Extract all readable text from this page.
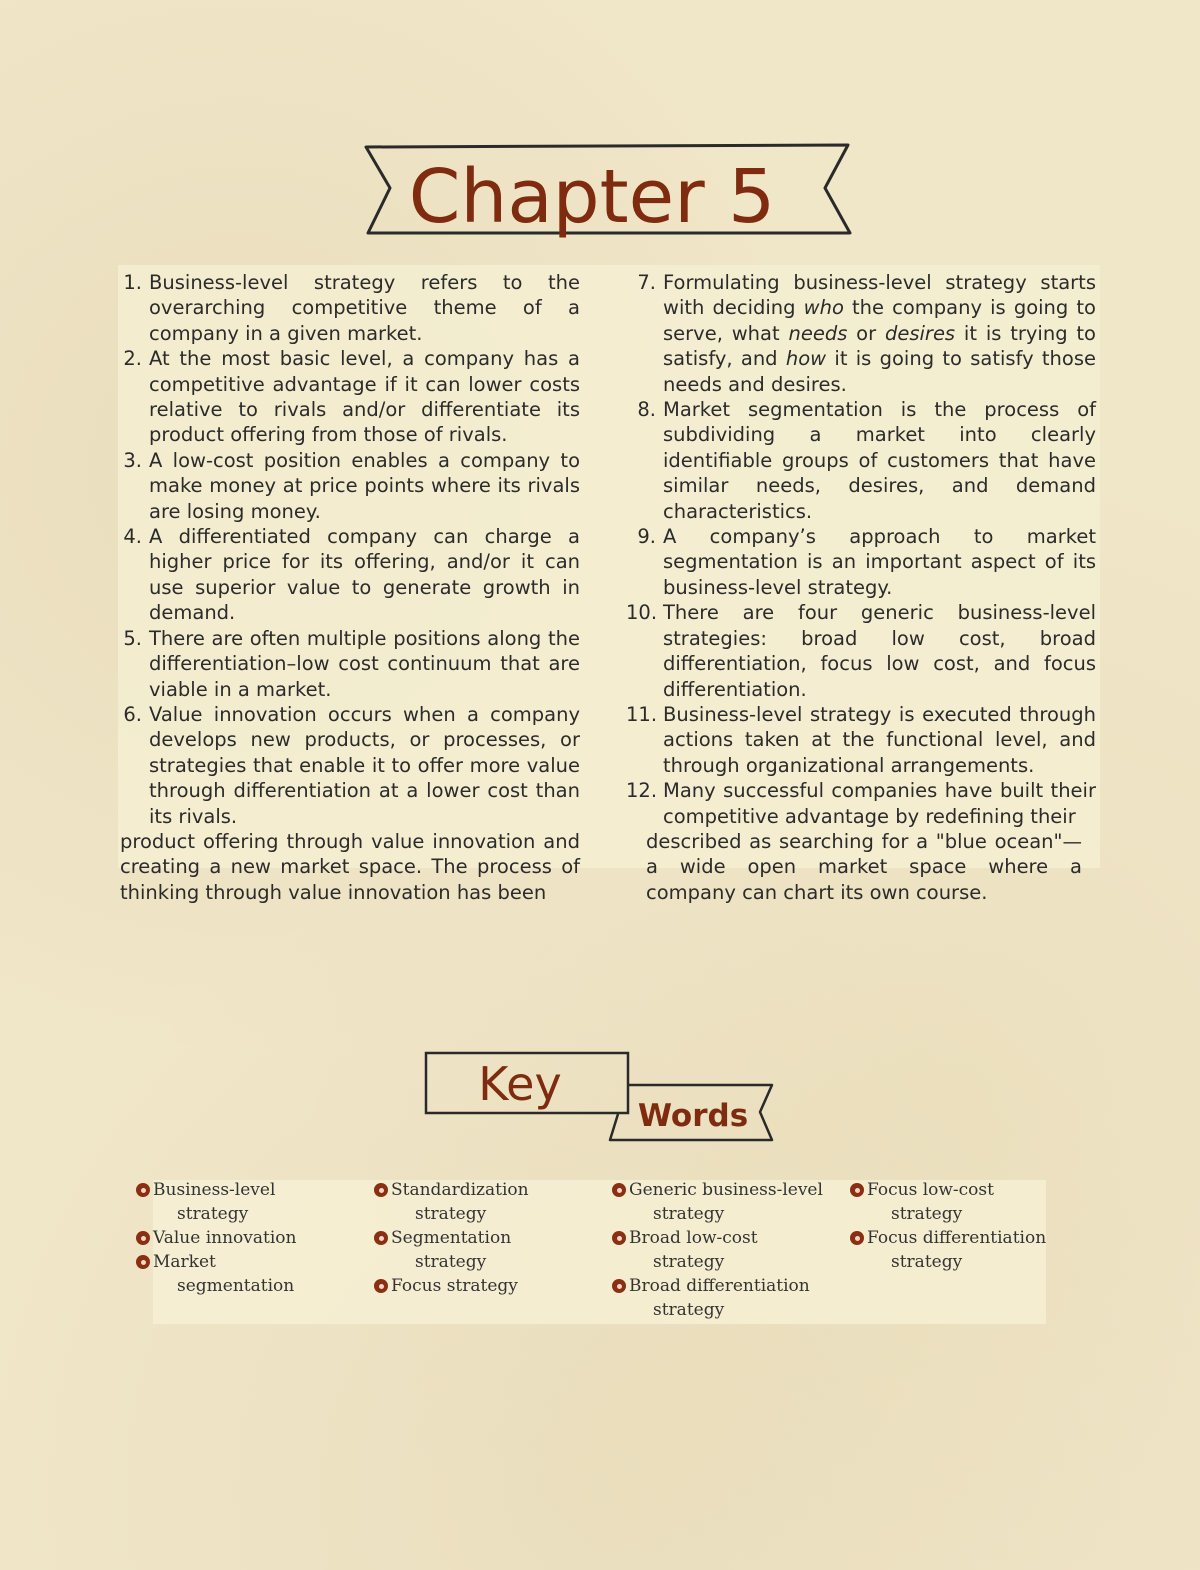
Chapter 5
1. Business-level strategy refers to the overarching competitive theme of a company in a given market.
2. At the most basic level, a company has a competitive advantage if it can lower costs relative to rivals and/or differentiate its product offering from those of rivals.
3. A low-cost position enables a company to make money at price points where its rivals are losing money.
4. A differentiated company can charge a higher price for its offering, and/or it can use superior value to generate growth in demand.
5. There are often multiple positions along the differentiation–low cost continuum that are viable in a market.
6. Value innovation occurs when a company develops new products, or processes, or strategies that enable it to offer more value through differentiation at a lower cost than its rivals.
product offering through value innovation and creating a new market space. The process of thinking through value innovation has been
7. Formulating business-level strategy starts with deciding who the company is going to serve, what needs or desires it is trying to satisfy, and how it is going to satisfy those needs and desires.
8. Market segmentation is the process of subdividing a market into clearly identifiable groups of customers that have similar needs, desires, and demand characteristics.
9. A company’s approach to market segmentation is an important aspect of its business-level strategy.
10. There are four generic business-level strategies: broad low cost, broad differentiation, focus low cost, and focus differentiation.
11. Business-level strategy is executed through actions taken at the functional level, and through organizational arrangements.
12. Many successful companies have built their competitive advantage by redefining their
described as searching for a "blue ocean"—a wide open market space where a company can chart its own course.
Key
Words
Business-level
strategy
Value innovation
Market
segmentation
Standardization
strategy
Segmentation
strategy
Focus strategy
Generic business-level
strategy
Broad low-cost
strategy
Broad differentiation
strategy
Focus low-cost
strategy
Focus differentiation
strategy
